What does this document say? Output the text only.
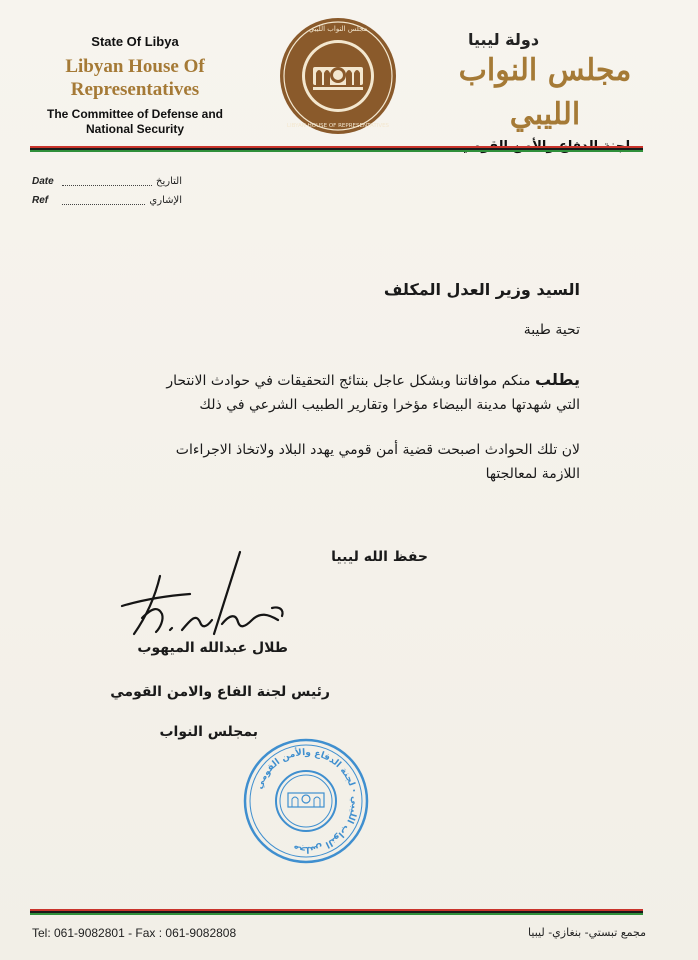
State Of Libya
Libyan House Of
Representatives
The Committee of Defense and
National Security
مجلس النواب الليبي
LIBYAN HOUSE OF REPRESENTATIVES
دولة ليبيا
مجلس النواب الليبي
Date	التاريخ
Ref	الإشاري
السيد وزير العدل المكلف
تحية طيبة
يطلب منكم موافاتنا وبشكل عاجل بنتائج التحقيقات في حوادث الانتحار التي شهدتها مدينة البيضاء مؤخرا وتقارير الطبيب الشرعي في ذلك
لان تلك الحوادث اصبحت قضية أمن قومي يهدد البلاد ولاتخاذ الاجراءات اللازمة لمعالجتها
حفظ الله ليبيا
طلال عبدالله الميهوب
رئيس لجنة الفاع والامن القومي
بمجلس النواب
مجلس النواب الليبي · لجنة الدفاع والأمن القومي
Tel: 061-9082801 - Fax : 061-9082808	مجمع تبستي- بنغازي- ليبيا
